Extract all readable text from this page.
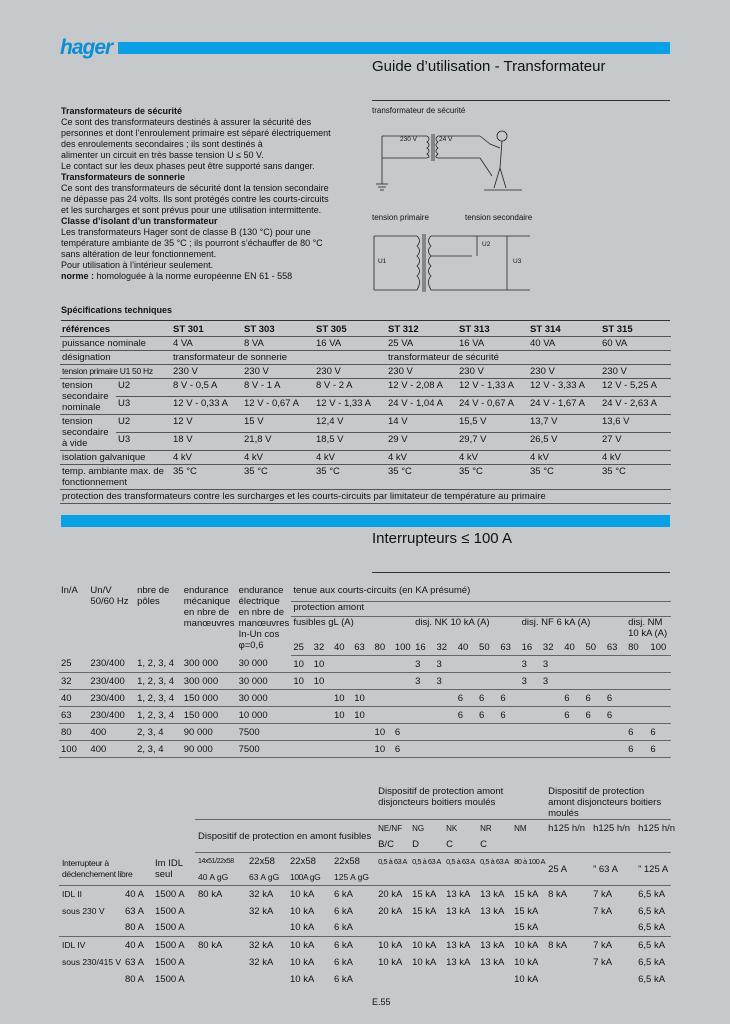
hager
Guide d’utilisation - Transformateur
Transformateurs de sécurité
Ce sont des transformateurs destinés à assurer la sécurité des
personnes et dont l’enroulement primaire est séparé électriquement
des enroulements secondaires ; ils sont destinés à
alimenter un circuit en très basse tension U ≤ 50 V.
Le contact sur les deux phases peut être supporté sans danger.
Transformateurs de sonnerie
Ce sont des transformateurs de sécurité dont la tension secondaire
ne dépasse pas 24 volts. Ils sont protégés contre les courts-circuits
et les surcharges et sont prévus pour une utilisation intermittente.
Classe d’isolant d’un transformateur
Les transformateurs Hager sont de classe B (130 °C) pour une
température ambiante de 35 °C ; ils pourront s’échauffer de 80 °C
sans altération de leur fonctionnement.
Pour utilisation à l’intérieur seulement.
norme : homologuée à la norme européenne EN 61 - 558
transformateur de sécurité
230 V	24 V
tension primaire	tension secondaire
U1
U2
U3
Spécifications techniques
références		ST 301	ST 303	ST 305	ST 312	ST 313	ST 314	ST 315
puissance nominale		4 VA	8 VA	16 VA	25 VA	16 VA	40 VA	60 VA
désignation		transformateur de sonnerie			transformateur de sécurité			
tension primaire U1 50 Hz		230 V	230 V	230 V	230 V	230 V	230 V	230 V
tension secondaire nominale	U2	8 V - 0,5 A	8 V - 1 A	8 V - 2 A	12 V - 2,08 A	12 V - 1,33 A	12 V - 3,33 A	12 V - 5,25 A
	U3	12 V - 0,33 A	12 V - 0,67 A	12 V - 1,33 A	24 V - 1,04 A	24 V - 0,67 A	24 V - 1,67 A	24 V - 2,63 A
tension secondaire à vide	U2	12 V	15 V	12,4 V	14 V	15,5 V	13,7 V	13,6 V
	U3	18 V	21,8 V	18,5 V	29 V	29,7 V	26,5 V	27 V
isolation galvanique		4 kV	4 kV	4 kV	4 kV	4 kV	4 kV	4 kV
temp. ambiante max. de fonctionnement		35 °C	35 °C	35 °C	35 °C	35 °C	35 °C	35 °C
protection des transformateurs contre les surcharges et les courts-circuits par limitateur de température au primaire								
Interrupteurs ≤ 100 A
In/A	Un/V 50/60 Hz	nbre de pôles	endurance mécanique en nbre de manœuvres	endurance électrique en nbre de manœuvres In-Un cos φ=0,6	tenue aux courts-circuits (en KA présumé)																	
					protection amont																	
					fusibles gL (A)						disj. NK 10 kA (A)					disj. NF 6 kA (A)					disj. NM 10 kA (A)	
					25	32	40	63	80	100	16	32	40	50	63	16	32	40	50	63	80	100
25	230/400	1, 2, 3, 4	300 000	30 000	10	10					3	3				3	3					
32	230/400	1, 2, 3, 4	300 000	30 000	10	10					3	3				3	3					
40	230/400	1, 2, 3, 4	150 000	30 000			10	10					6	6	6			6	6	6		
63	230/400	1, 2, 3, 4	150 000	10 000			10	10					6	6	6			6	6	6		
80	400	2, 3, 4	90 000	7500					10	6											6	6
100	400	2, 3, 4	90 000	7500					10	6											6	6
							Dispositif de protection amont disjoncteurs boitiers moulés					Dispositif de protection amont disjoncteurs boitiers moulés		
			Dispositif de protection en amont fusibles				NE/NF	NG	NK	NR	NM	h125 h/n	h125 h/n	h125 h/n
							B/C	D	C	C				
Interrupteur à déclenchement libre		Im IDL seul	14x51/22x58	22x58	22x58	22x58	0,5 à 63 A	0,5 à 63 A	0,5 à 63 A	0,5 à 63 A	80 à 100 A	25 A	” 63 A	” 125 A
			40 A gG	63 A gG	100A gG	125 A gG								
IDL II	40 A	1500 A	80 kA	32 kA	10 kA	6 kA	20 kA	15 kA	13 kA	13 kA	15 kA	8 kA	7 kA	6,5 kA
sous 230 V	63 A	1500 A		32 kA	10 kA	6 kA	20 kA	15 kA	13 kA	13 kA	15 kA		7 kA	6,5 kA
	80 A	1500 A			10 kA	6 kA					15 kA			6,5 kA
IDL IV	40 A	1500 A	80 kA	32 kA	10 kA	6 kA	10 kA	10 kA	13 kA	13 kA	10 kA	8 kA	7 kA	6,5 kA
sous 230/415 V	63 A	1500 A		32 kA	10 kA	6 kA	10 kA	10 kA	13 kA	13 kA	10 kA		7 kA	6,5 kA
	80 A	1500 A			10 kA	6 kA					10 kA			6,5 kA
E.55
